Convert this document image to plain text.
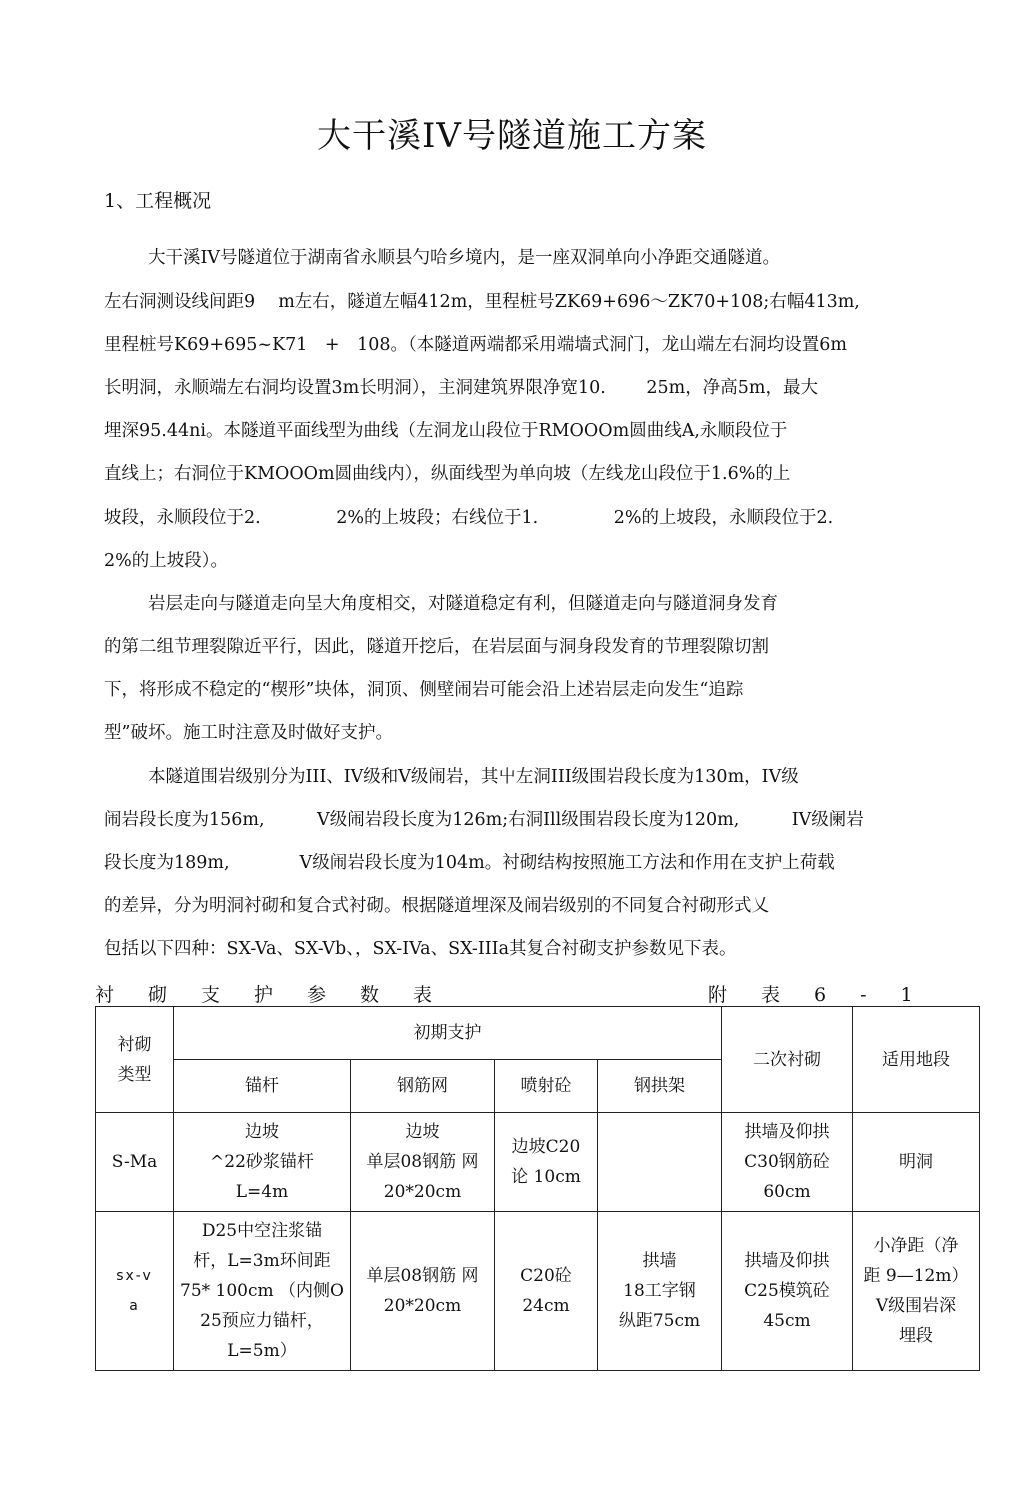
大干溪IV号隧道施工方案
1、工程概况

大干溪IV号隧道位于湖南省永顺县勺哈乡境内，是一座双洞单向小净距交通隧道。

左右洞测设线间距9　 m左右，隧道左幅412m，里程桩号ZK69+696～ZK70+108;右幅413m,

里程桩号K69+695~K71　+　108。（本隧道两端都采用端墙式洞门，龙山端左右洞均设置6m

长明洞，永顺端左右洞均设置3m长明洞），主洞建筑界限净宽10.　　 25m，净高5m，最大

埋深95.44ni。本隧道平面线型为曲线（左洞龙山段位于RMOOOm圆曲线A,永顺段位于

直线上；右洞位于KMOOOm圆曲线内），纵面线型为单向坡（左线龙山段位于1.6%的上

坡段，永顺段位于2.　　　　 2%的上坡段；右线位于1.　　　　 2%的上坡段，永顺段位于2.

2%的上坡段）。

岩层走向与隧道走向呈大角度相交，对隧道稳定有利，但隧道走向与隧道洞身发育

的第二组节理裂隙近平行，因此，隧道开挖后，在岩层面与洞身段发育的节理裂隙切割

下，将形成不稳定的“楔形”块体，洞顶、侧壁闹岩可能会沿上述岩层走向发生“追踪

型”破坏。施工时注意及时做好支护。

本隧道围岩级别分为III、IV级和V级闹岩，其屮左洞III级围岩段长度为130m，IV级

闹岩段长度为156m,　　　V级闹岩段长度为126m;右洞Ill级围岩段长度为120m,　　　IV级阑岩

段长度为189m,　　　　V级闹岩段长度为104m。衬砌结构按照施工方法和作用在支护上荷载

的差异，分为明洞衬砌和复合式衬砌。根据隧道埋深及闹岩级别的不同复合衬砌形式乂

包括以下四种：SX-Va、SX-Vb、，SX-IVa、SX-IIIa其复合衬砌支护参数见下表。

衬砌支护参数表	附表6-1
衬砌
类型	初期支护				二次衬砌	适用地段
	锚杆	钢筋网	喷射砼	钢拱架		
S-Ma	边坡
^22砂浆锚杆
L=4m	边坡
单层08钢筋 网
20*20cm	边坡C20
论 10cm		拱墙及仰拱
C30钢筋砼
60cm	明洞
sx-v
a	D25中空注浆锚
杆，L=3m环间距
75* 100cm （内侧O
25预应力锚杆，
L=5m）	单层08钢筋 网
20*20cm	C20砼
24cm	拱墙
18工字钢
纵距75cm	拱墙及仰拱
C25模筑砼
45cm	小净距（净
距 9—12m）
V级围岩深
埋段
